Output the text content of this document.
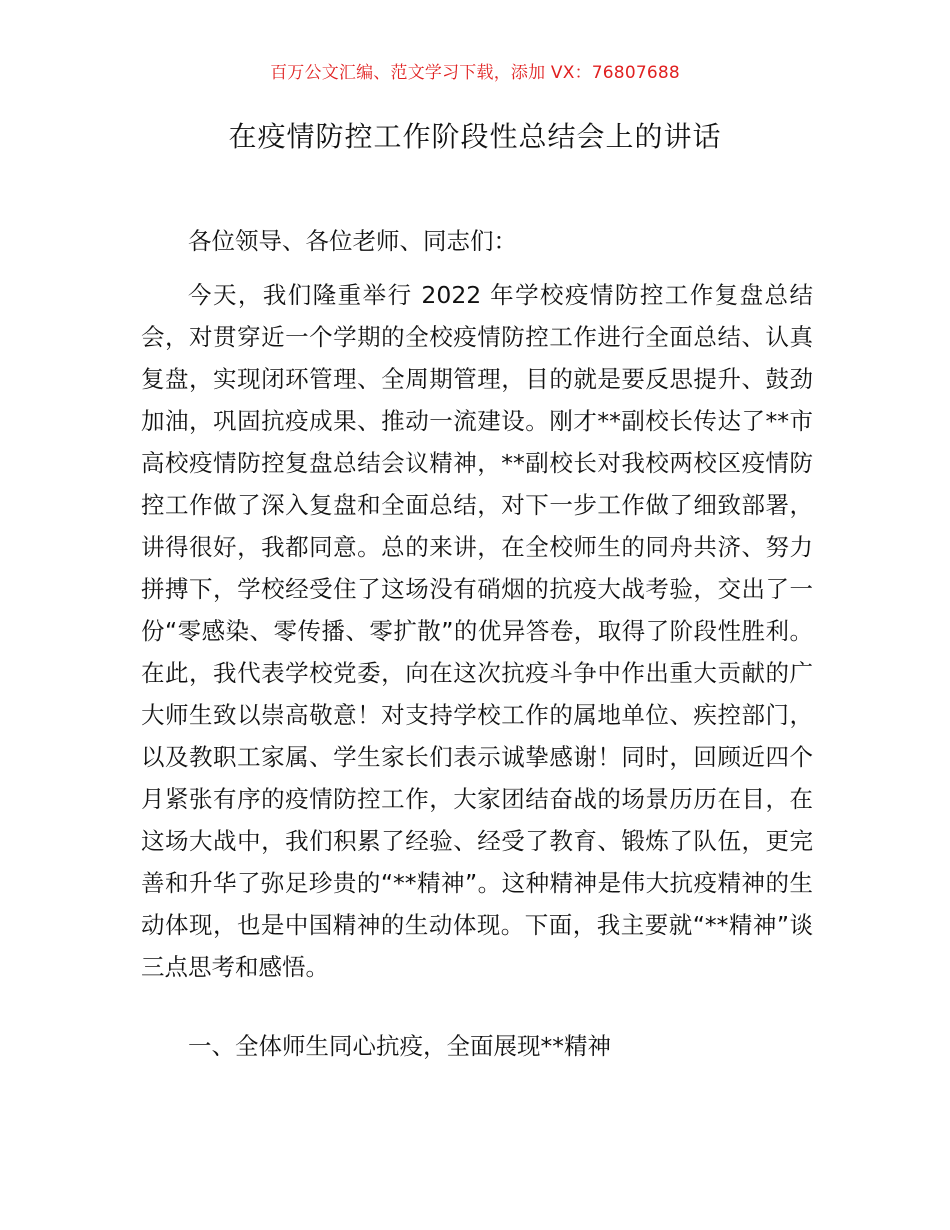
百万公文汇编、范文学习下载，添加 VX：76807688
在疫情防控工作阶段性总结会上的讲话

各位领导、各位老师、同志们：

今天，我们隆重举行 2022 年学校疫情防控工作复盘总结会，对贯穿近一个学期的全校疫情防控工作进行全面总结、认真复盘，实现闭环管理、全周期管理，目的就是要反思提升、鼓劲加油，巩固抗疫成果、推动一流建设。刚才**副校长传达了**市高校疫情防控复盘总结会议精神，**副校长对我校两校区疫情防控工作做了深入复盘和全面总结，对下一步工作做了细致部署，讲得很好，我都同意。总的来讲，在全校师生的同舟共济、努力拼搏下，学校经受住了这场没有硝烟的抗疫大战考验，交出了一份“零感染、零传播、零扩散”的优异答卷，取得了阶段性胜利。在此，我代表学校党委，向在这次抗疫斗争中作出重大贡献的广大师生致以崇高敬意！对支持学校工作的属地单位、疾控部门，以及教职工家属、学生家长们表示诚挚感谢！同时，回顾近四个月紧张有序的疫情防控工作，大家团结奋战的场景历历在目，在这场大战中，我们积累了经验、经受了教育、锻炼了队伍，更完善和升华了弥足珍贵的“**精神”。这种精神是伟大抗疫精神的生动体现，也是中国精神的生动体现。下面，我主要就“**精神”谈三点思考和感悟。

一、全体师生同心抗疫，全面展现**精神
